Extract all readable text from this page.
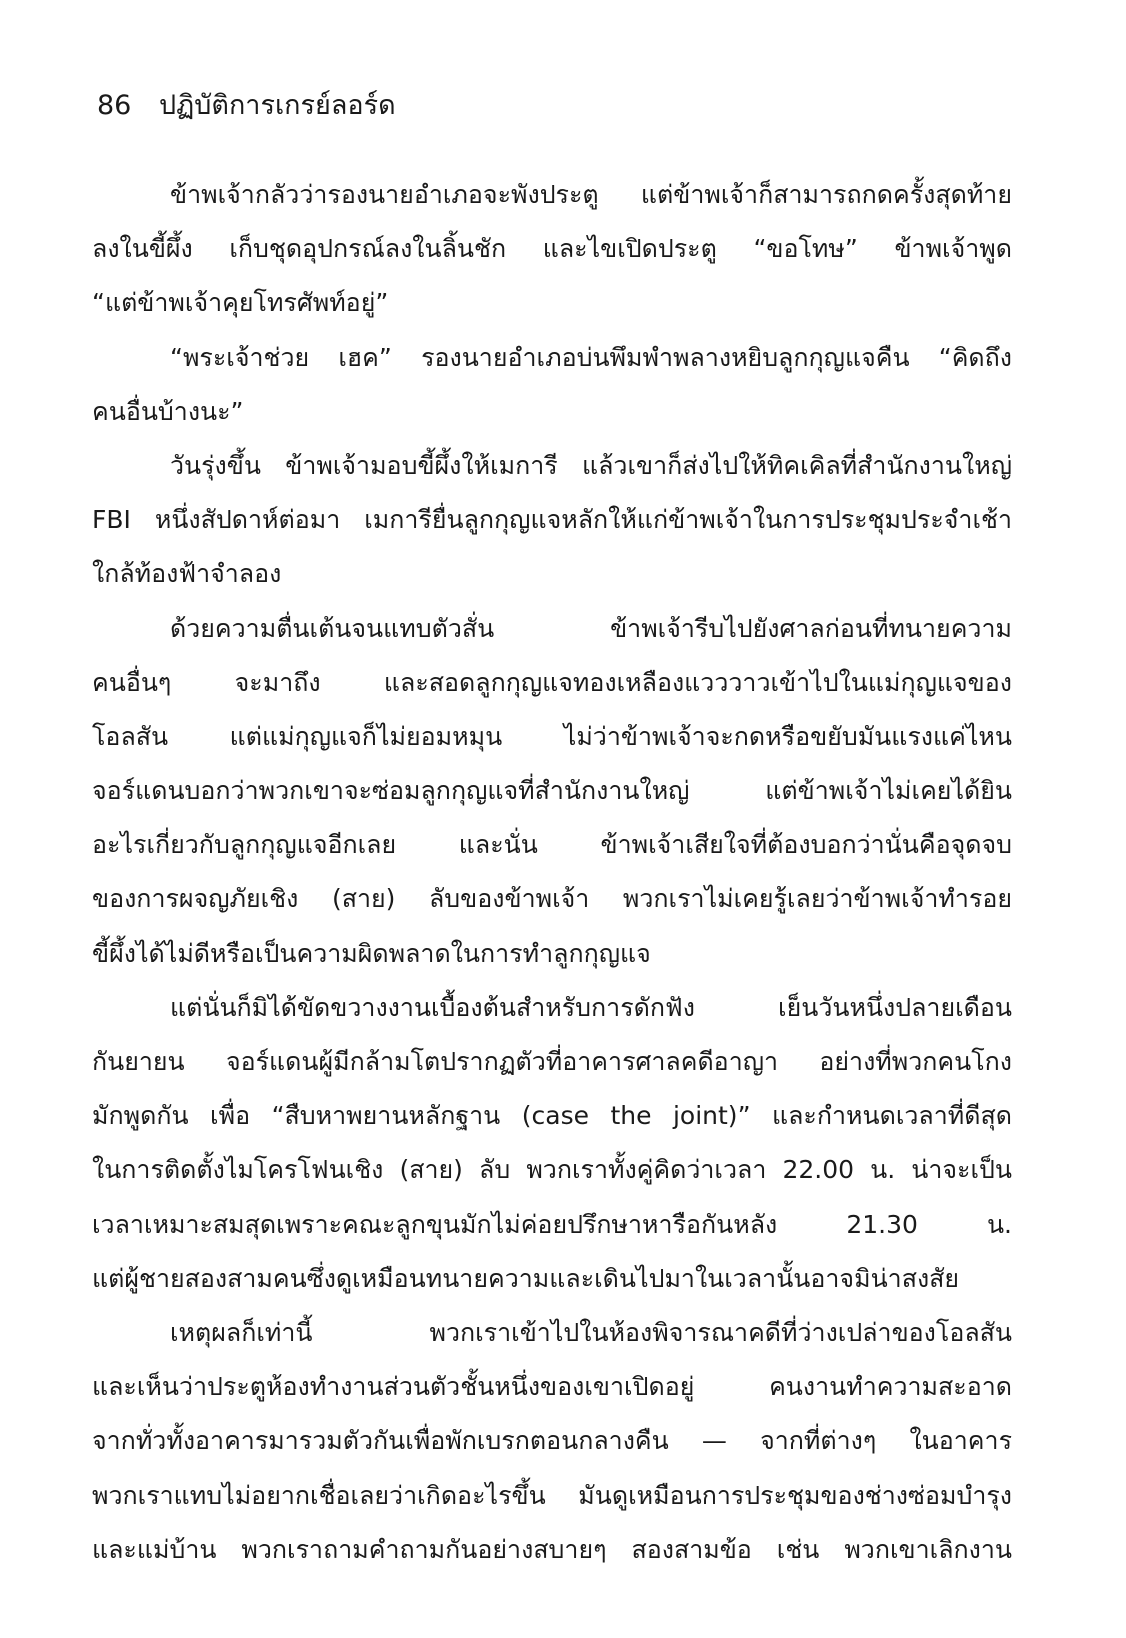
86 ปฏิบัติการเกรย์ลอร์ด
ข้าพเจ้ากลัวว่ารองนายอำเภอจะพังประตู แต่ข้าพเจ้าก็สามารถกดครั้งสุดท้าย
ลงในขี้ผึ้ง เก็บชุดอุปกรณ์ลงในลิ้นชัก และไขเปิดประตู “ขอโทษ” ข้าพเจ้าพูด
“แต่ข้าพเจ้าคุยโทรศัพท์อยู่”
“พระเจ้าช่วย เฮค” รองนายอำเภอบ่นพึมพำพลางหยิบลูกกุญแจคืน “คิดถึง
คนอื่นบ้างนะ”
วันรุ่งขึ้น ข้าพเจ้ามอบขี้ผึ้งให้เมการี แล้วเขาก็ส่งไปให้ทิคเคิลที่สำนักงานใหญ่
FBI หนึ่งสัปดาห์ต่อมา เมการียื่นลูกกุญแจหลักให้แก่ข้าพเจ้าในการประชุมประจำเช้า
ใกล้ท้องฟ้าจำลอง
ด้วยความตื่นเต้นจนแทบตัวสั่น ข้าพเจ้ารีบไปยังศาลก่อนที่ทนายความ
คนอื่นๆ จะมาถึง และสอดลูกกุญแจทองเหลืองแวววาวเข้าไปในแม่กุญแจของ
โอลสัน แต่แม่กุญแจก็ไม่ยอมหมุน ไม่ว่าข้าพเจ้าจะกดหรือขยับมันแรงแค่ไหน
จอร์แดนบอกว่าพวกเขาจะซ่อมลูกกุญแจที่สำนักงานใหญ่ แต่ข้าพเจ้าไม่เคยได้ยิน
อะไรเกี่ยวกับลูกกุญแจอีกเลย และนั่น ข้าพเจ้าเสียใจที่ต้องบอกว่านั่นคือจุดจบ
ของการผจญภัยเชิง (สาย) ลับของข้าพเจ้า พวกเราไม่เคยรู้เลยว่าข้าพเจ้าทำรอย
ขี้ผึ้งได้ไม่ดีหรือเป็นความผิดพลาดในการทำลูกกุญแจ
แต่นั่นก็มิได้ขัดขวางงานเบื้องต้นสำหรับการดักฟัง เย็นวันหนึ่งปลายเดือน
กันยายน จอร์แดนผู้มีกล้ามโตปรากฏตัวที่อาคารศาลคดีอาญา อย่างที่พวกคนโกง
มักพูดกัน เพื่อ “สืบหาพยานหลักฐาน (case the joint)” และกำหนดเวลาที่ดีสุด
ในการติดตั้งไมโครโฟนเชิง (สาย) ลับ พวกเราทั้งคู่คิดว่าเวลา 22.00 น. น่าจะเป็น
เวลาเหมาะสมสุดเพราะคณะลูกขุนมักไม่ค่อยปรึกษาหารือกันหลัง 21.30 น.
แต่ผู้ชายสองสามคนซึ่งดูเหมือนทนายความและเดินไปมาในเวลานั้นอาจมิน่าสงสัย
เหตุผลก็เท่านี้ พวกเราเข้าไปในห้องพิจารณาคดีที่ว่างเปล่าของโอลสัน
และเห็นว่าประตูห้องทำงานส่วนตัวชั้นหนึ่งของเขาเปิดอยู่ คนงานทำความสะอาด
จากทั่วทั้งอาคารมารวมตัวกันเพื่อพักเบรกตอนกลางคืน — จากที่ต่างๆ ในอาคาร
พวกเราแทบไม่อยากเชื่อเลยว่าเกิดอะไรขึ้น มันดูเหมือนการประชุมของช่างซ่อมบำรุง
และแม่บ้าน พวกเราถามคำถามกันอย่างสบายๆ สองสามข้อ เช่น พวกเขาเลิกงาน
